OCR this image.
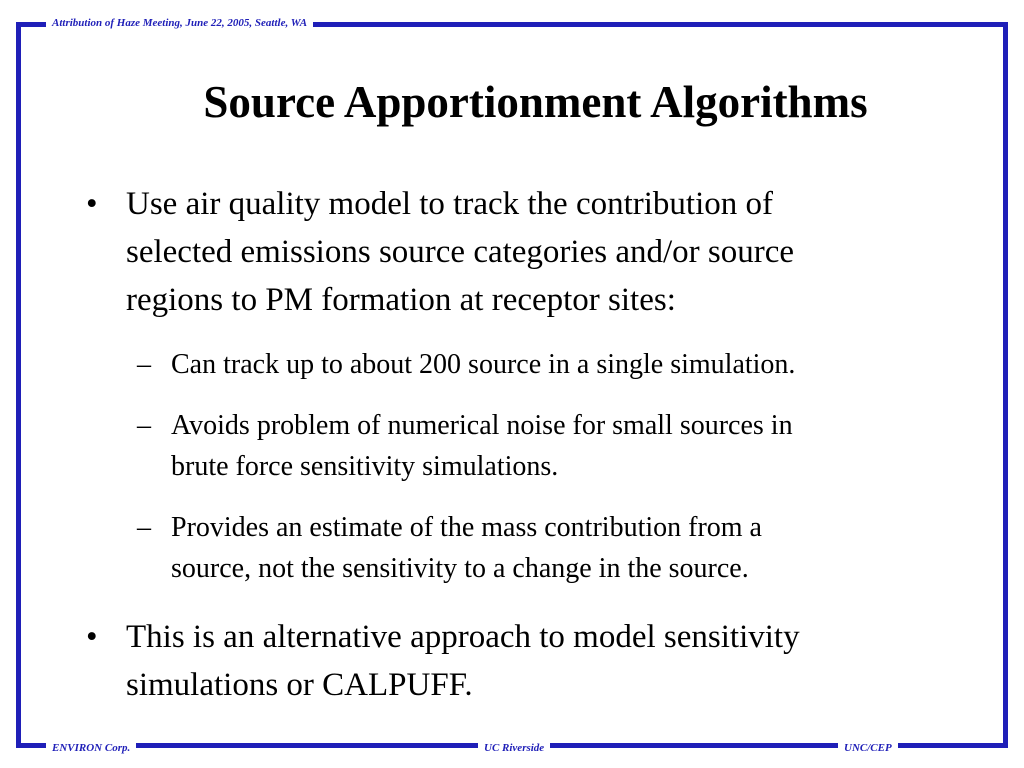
Attribution of Haze Meeting, June 22, 2005, Seattle, WA
ENVIRON Corp.	UC Riverside	UNC/CEP
Source Apportionment Algorithms
• Use air quality model to track the contribution of
selected emissions source categories and/or source
regions to PM formation at receptor sites:
– Can track up to about 200 source in a single simulation.
– Avoids problem of numerical noise for small sources in
brute force sensitivity simulations.
– Provides an estimate of the mass contribution from a
source, not the sensitivity to a change in the source.
• This is an alternative approach to model sensitivity
simulations or CALPUFF.
